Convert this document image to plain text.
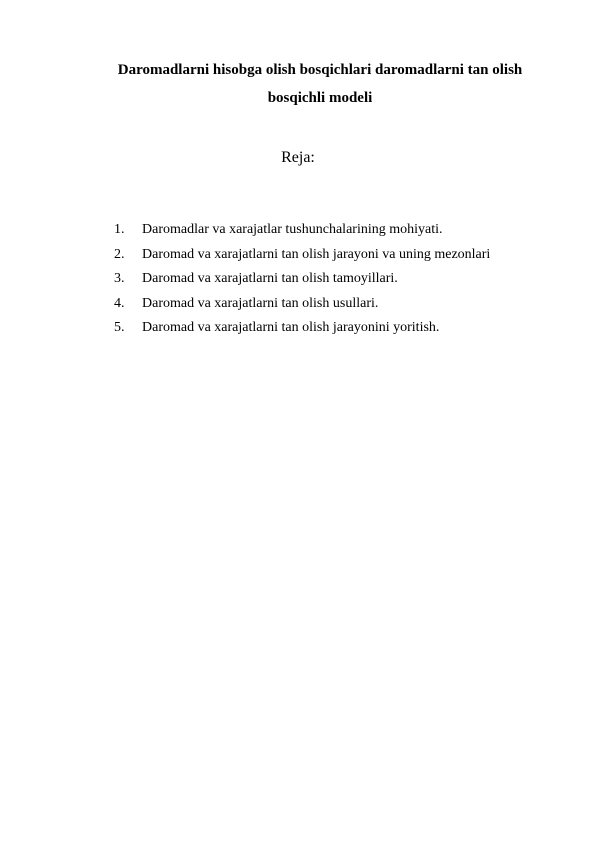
Daromadlarni hisobga olish bosqichlari daromadlarni tan olish
bosqichli modeli
Reja:
1. Daromadlar va xarajatlar tushunchalarining mohiyati.
2. Daromad va xarajatlarni tan olish jarayoni va uning mezonlari
3. Daromad va xarajatlarni tan olish tamoyillari.
4. Daromad va xarajatlarni tan olish usullari.
5. Daromad va xarajatlarni tan olish jarayonini yoritish.
